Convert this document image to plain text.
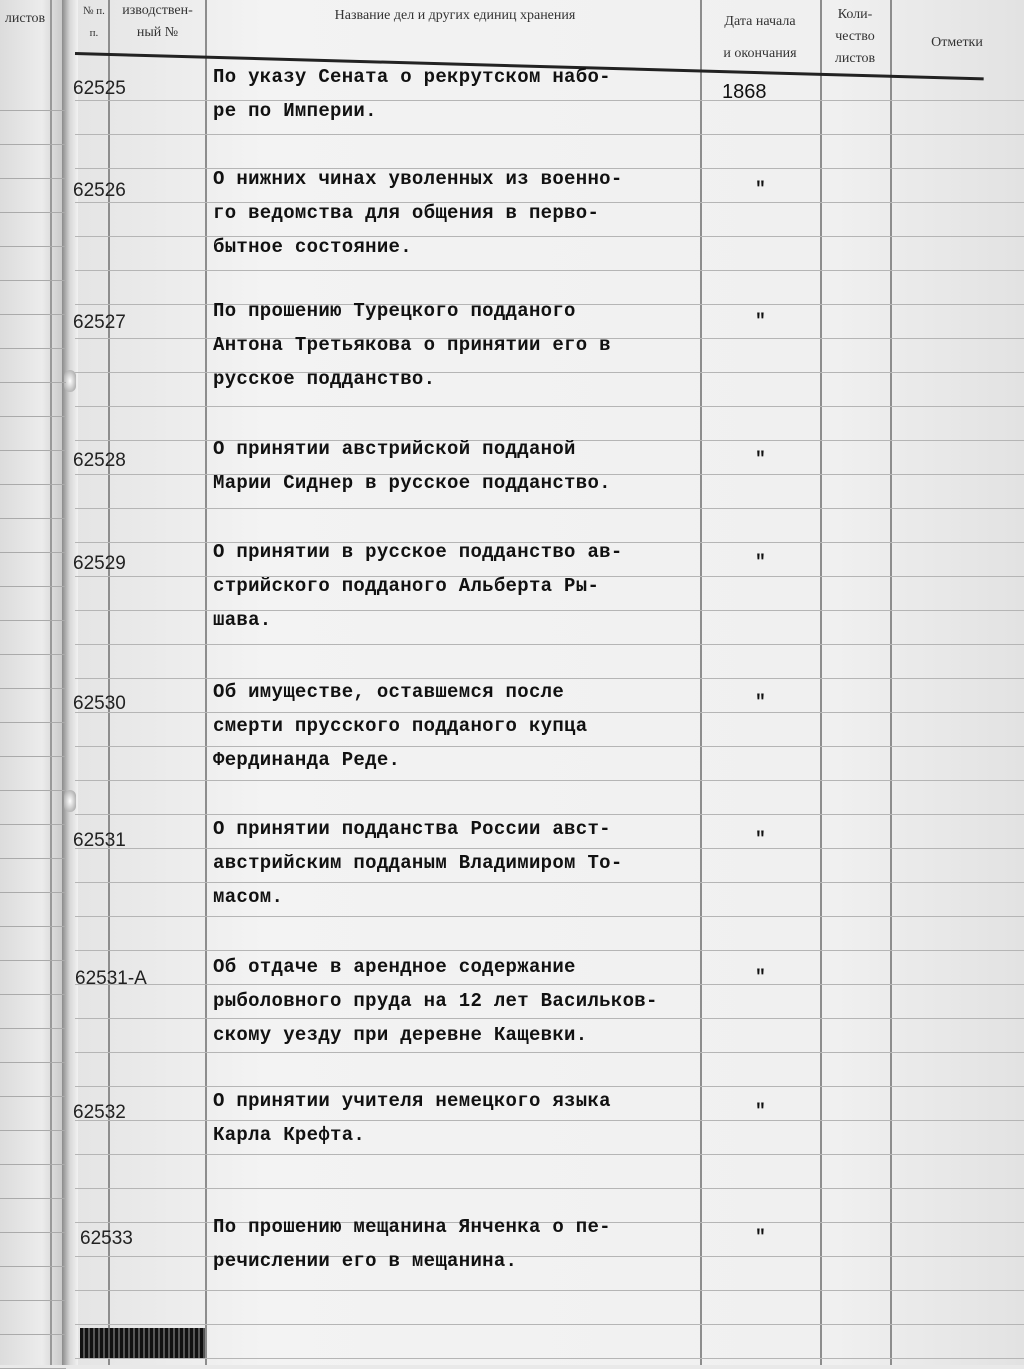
листов	№ п. п.
изводствен-
ный №
Название дел и других единиц хранения	Дата начала
и окончания
Коли-
чество
листов
Отметки
62525
По указу Сената о рекрутском набо-
ре по Империи.
1868
62526
О нижних чинах уволенных из военно-
го ведомства для общения в перво-
бытное состояние.
"
62527
По прошению Турецкого подданого
Антона Третьякова о принятии его в
русское подданство.
"
62528
О принятии австрийской подданой
Марии Сиднер в русское подданство.
"
62529
О принятии в русское подданство ав-
стрийского подданого Альберта Ры-
шава.
"
62530
Об имуществе, оставшемся после
смерти прусского подданого купца
Фердинанда Реде.
"
62531
О принятии подданства России авст-
австрийским подданым Владимиром То-
масом.
"
62531-А
Об отдаче в арендное содержание
рыболовного пруда на 12 лет Васильков-
скому уезду при деревне Кащевки.
"
62532
О принятии учителя немецкого языка
Карла Крефта.
"
62533
По прошению мещанина Янченка о пе-
речислении его в мещанина.
"
